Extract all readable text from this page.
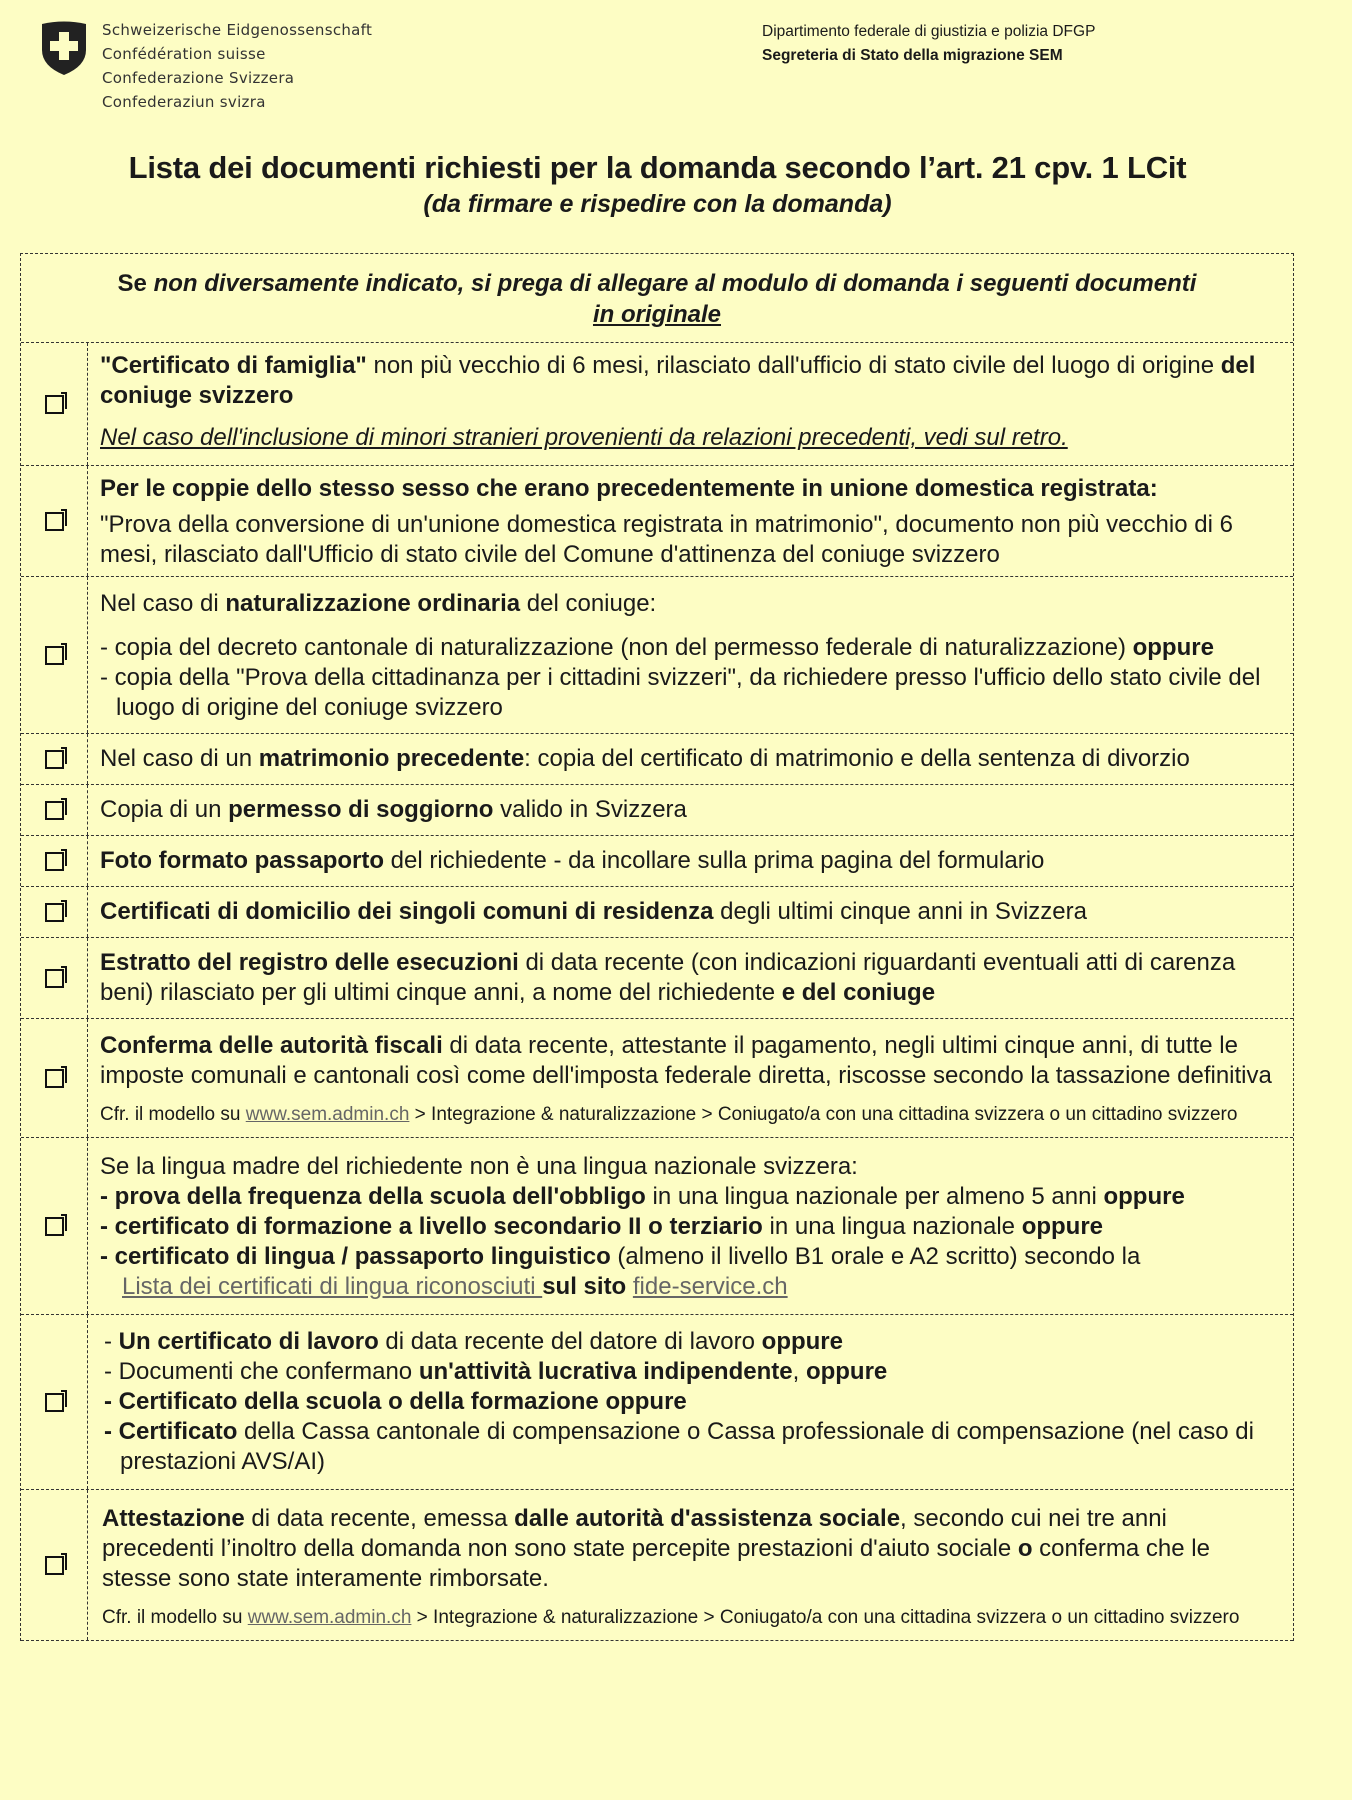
Schweizerische Eidgenossenschaft
Confédération suisse
Confederazione Svizzera
Confederaziun svizra
Dipartimento federale di giustizia e polizia DFGP
Segreteria di Stato della migrazione SEM
Lista dei documenti richiesti per la domanda secondo l’art. 21 cpv. 1 LCit
(da firmare e rispedire con la domanda)
Se non diversamente indicato, si prega di allegare al modulo di domanda i seguenti documenti
in originale

"Certificato di famiglia" non più vecchio di 6 mesi, rilasciato dall'ufficio di stato civile del luogo di origine del coniuge svizzero

Nel caso dell'inclusione di minori stranieri provenienti da relazioni precedenti, vedi sul retro.

Per le coppie dello stesso sesso che erano precedentemente in unione domestica registrata:

"Prova della conversione di un'unione domestica registrata in matrimonio", documento non più vecchio di 6 mesi, rilasciato dall'Ufficio di stato civile del Comune d'attinenza del coniuge svizzero

Nel caso di naturalizzazione ordinaria del coniuge:

- copia del decreto cantonale di naturalizzazione (non del permesso federale di naturalizzazione) oppure

- copia della "Prova della cittadinanza per i cittadini svizzeri", da richiedere presso l'ufficio dello stato civile del luogo di origine del coniuge svizzero

Nel caso di un matrimonio precedente: copia del certificato di matrimonio e della sentenza di divorzio

Copia di un permesso di soggiorno valido in Svizzera

Foto formato passaporto del richiedente - da incollare sulla prima pagina del formulario

Certificati di domicilio dei singoli comuni di residenza degli ultimi cinque anni in Svizzera

Estratto del registro delle esecuzioni di data recente (con indicazioni riguardanti eventuali atti di carenza beni) rilasciato per gli ultimi cinque anni, a nome del richiedente e del coniuge

Conferma delle autorità fiscali di data recente, attestante il pagamento, negli ultimi cinque anni, di tutte le imposte comunali e cantonali così come dell'imposta federale diretta, riscosse secondo la tassazione definitiva

Cfr. il modello su www.sem.admin.ch > Integrazione & naturalizzazione > Coniugato/a con una cittadina svizzera o un cittadino svizzero

Se la lingua madre del richiedente non è una lingua nazionale svizzera:

- prova della frequenza della scuola dell'obbligo in una lingua nazionale per almeno 5 anni oppure

- certificato di formazione a livello secondario II o terziario in una lingua nazionale oppure

- certificato di lingua / passaporto linguistico (almeno il livello B1 orale e A2 scritto) secondo la

Lista dei certificati di lingua riconosciuti sul sito fide-service.ch

- Un certificato di lavoro di data recente del datore di lavoro oppure

- Documenti che confermano un'attività lucrativa indipendente, oppure

- Certificato della scuola o della formazione oppure

- Certificato della Cassa cantonale di compensazione o Cassa professionale di compensazione (nel caso di prestazioni AVS/AI)

Attestazione di data recente, emessa dalle autorità d'assistenza sociale, secondo cui nei tre anni precedenti l’inoltro della domanda non sono state percepite prestazioni d'aiuto sociale o conferma che le stesse sono state interamente rimborsate.

Cfr. il modello su www.sem.admin.ch > Integrazione & naturalizzazione > Coniugato/a con una cittadina svizzera o un cittadino svizzero
